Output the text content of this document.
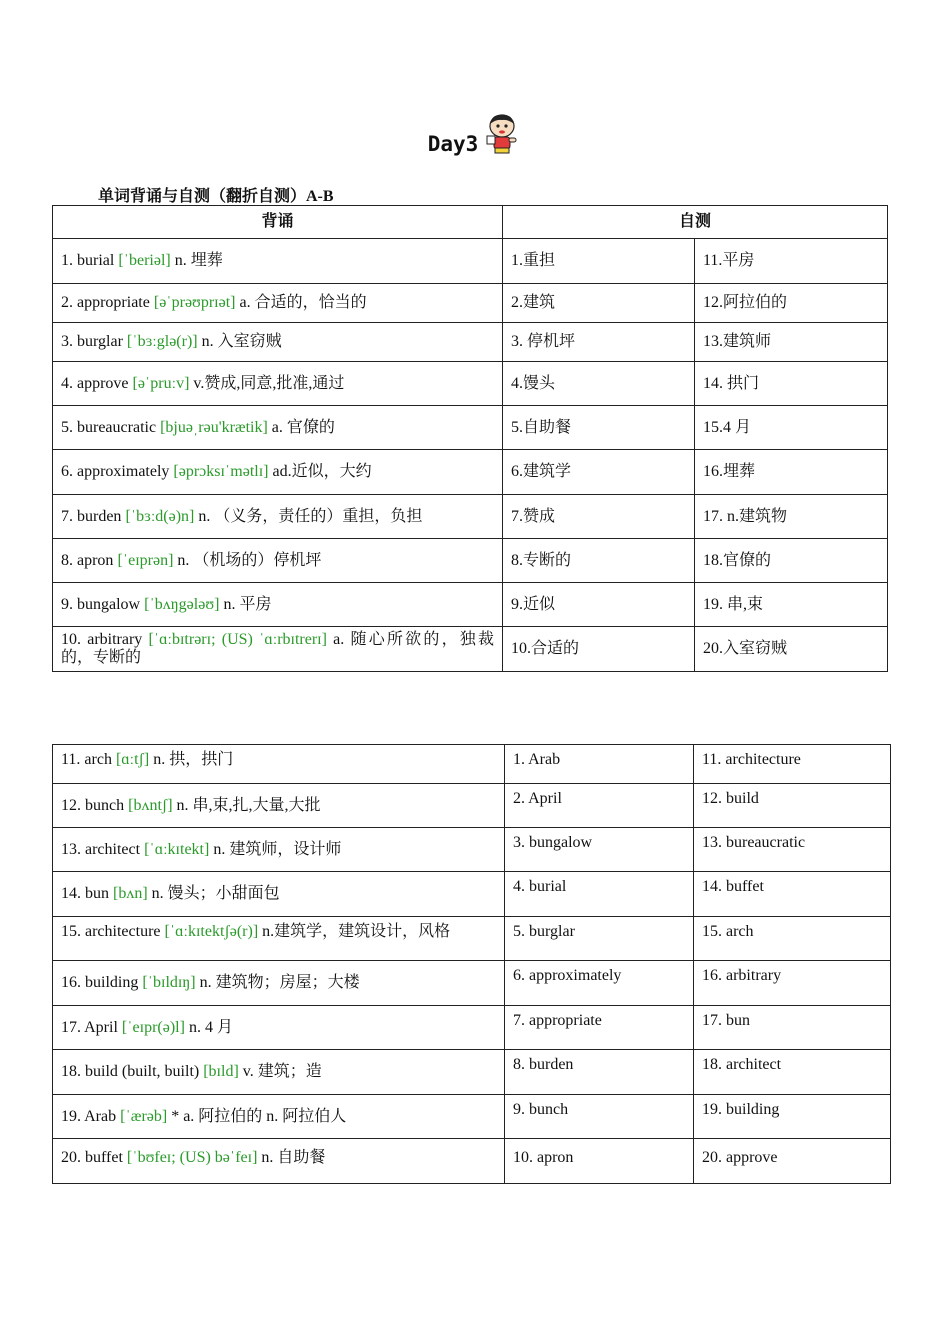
Day3
单词背诵与自测（翻折自测）A-B
背诵	自测	
1. burial [ˈberiəl] n. 埋葬	1.重担	11.平房
2. appropriate [əˈprəʊprɪət] a. 合适的，恰当的	2.建筑	12.阿拉伯的
3. burglar [ˈbɜːglə(r)] n. 入室窃贼	3. 停机坪	13.建筑师
4. approve [əˈpruːv] v.赞成,同意,批准,通过	4.馒头	14. 拱门
5. bureaucratic [bjuəˌrəu'krætik] a. 官僚的	5.自助餐	15.4 月
6. approximately [əprɔksɪˈmətlɪ] ad.近似，大约	6.建筑学	16.埋葬
7. burden [ˈbɜːd(ə)n] n. （义务，责任的）重担，负担	7.赞成	17. n.建筑物
8. apron [ˈeɪprən] n. （机场的）停机坪	8.专断的	18.官僚的
9. bungalow [ˈbʌŋgələʊ] n. 平房	9.近似	19. 串,束
10. arbitrary [ˈɑːbɪtrərɪ; (US) ˈɑːrbɪtrerɪ] a. 随心所欲的，独裁的，专断的	10.合适的	20.入室窃贼
11. arch [ɑːtʃ] n. 拱，拱门	1. Arab	11. architecture
12. bunch [bʌntʃ] n. 串,束,扎,大量,大批	2. April	12. build
13. architect [ˈɑːkɪtekt] n. 建筑师，设计师	3. bungalow	13. bureaucratic
14. bun [bʌn] n. 馒头；小甜面包	4. burial	14. buffet
15. architecture [ˈɑːkɪtektʃə(r)] n.建筑学，建筑设计，风格	5. burglar	15. arch
16. building [ˈbɪldɪŋ] n. 建筑物；房屋；大楼	6. approximately	16. arbitrary
17. April [ˈeɪpr(ə)l] n. 4 月	7. appropriate	17. bun
18. build (built, built) [bɪld] v. 建筑；造	8. burden	18. architect
19. Arab [ˈærəb] * a. 阿拉伯的 n. 阿拉伯人	9. bunch	19. building
20. buffet [ˈbʊfeɪ; (US) bəˈfeɪ] n. 自助餐	10. apron	20. approve
